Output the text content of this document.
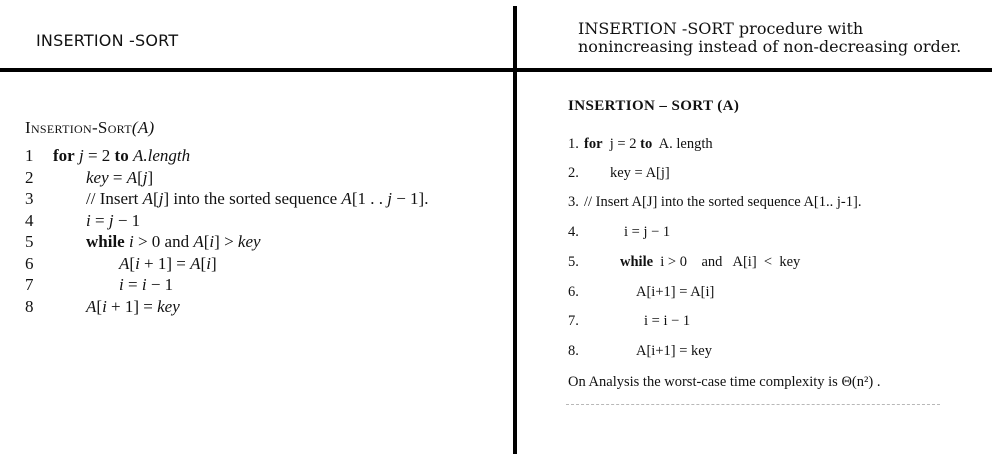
INSERTION -SORT
INSERTION -SORT procedure with
nonincreasing instead of non-decreasing order.
Insertion-Sort(A)
1	for j = 2 to A.length
2	key = A[j]
3	// Insert A[j] into the sorted sequence A[1 . . j − 1].
4	i = j − 1
5	while i > 0 and A[i] > key
6	A[i + 1] = A[i]
7	i = i − 1
8	A[i + 1] = key
INSERTION – SORT (A)
1. for  j = 2 to  A. length
2. key = A[j]
3. // Insert A[J] into the sorted sequence A[1.. j-1].
4.	i = j − 1
5.	while  i > 0    and   A[i]  <  key
6.	A[i+1] = A[i]
7.	i = i − 1
8.	A[i+1] = key
On Analysis the worst-case time complexity is Θ(n²) .
